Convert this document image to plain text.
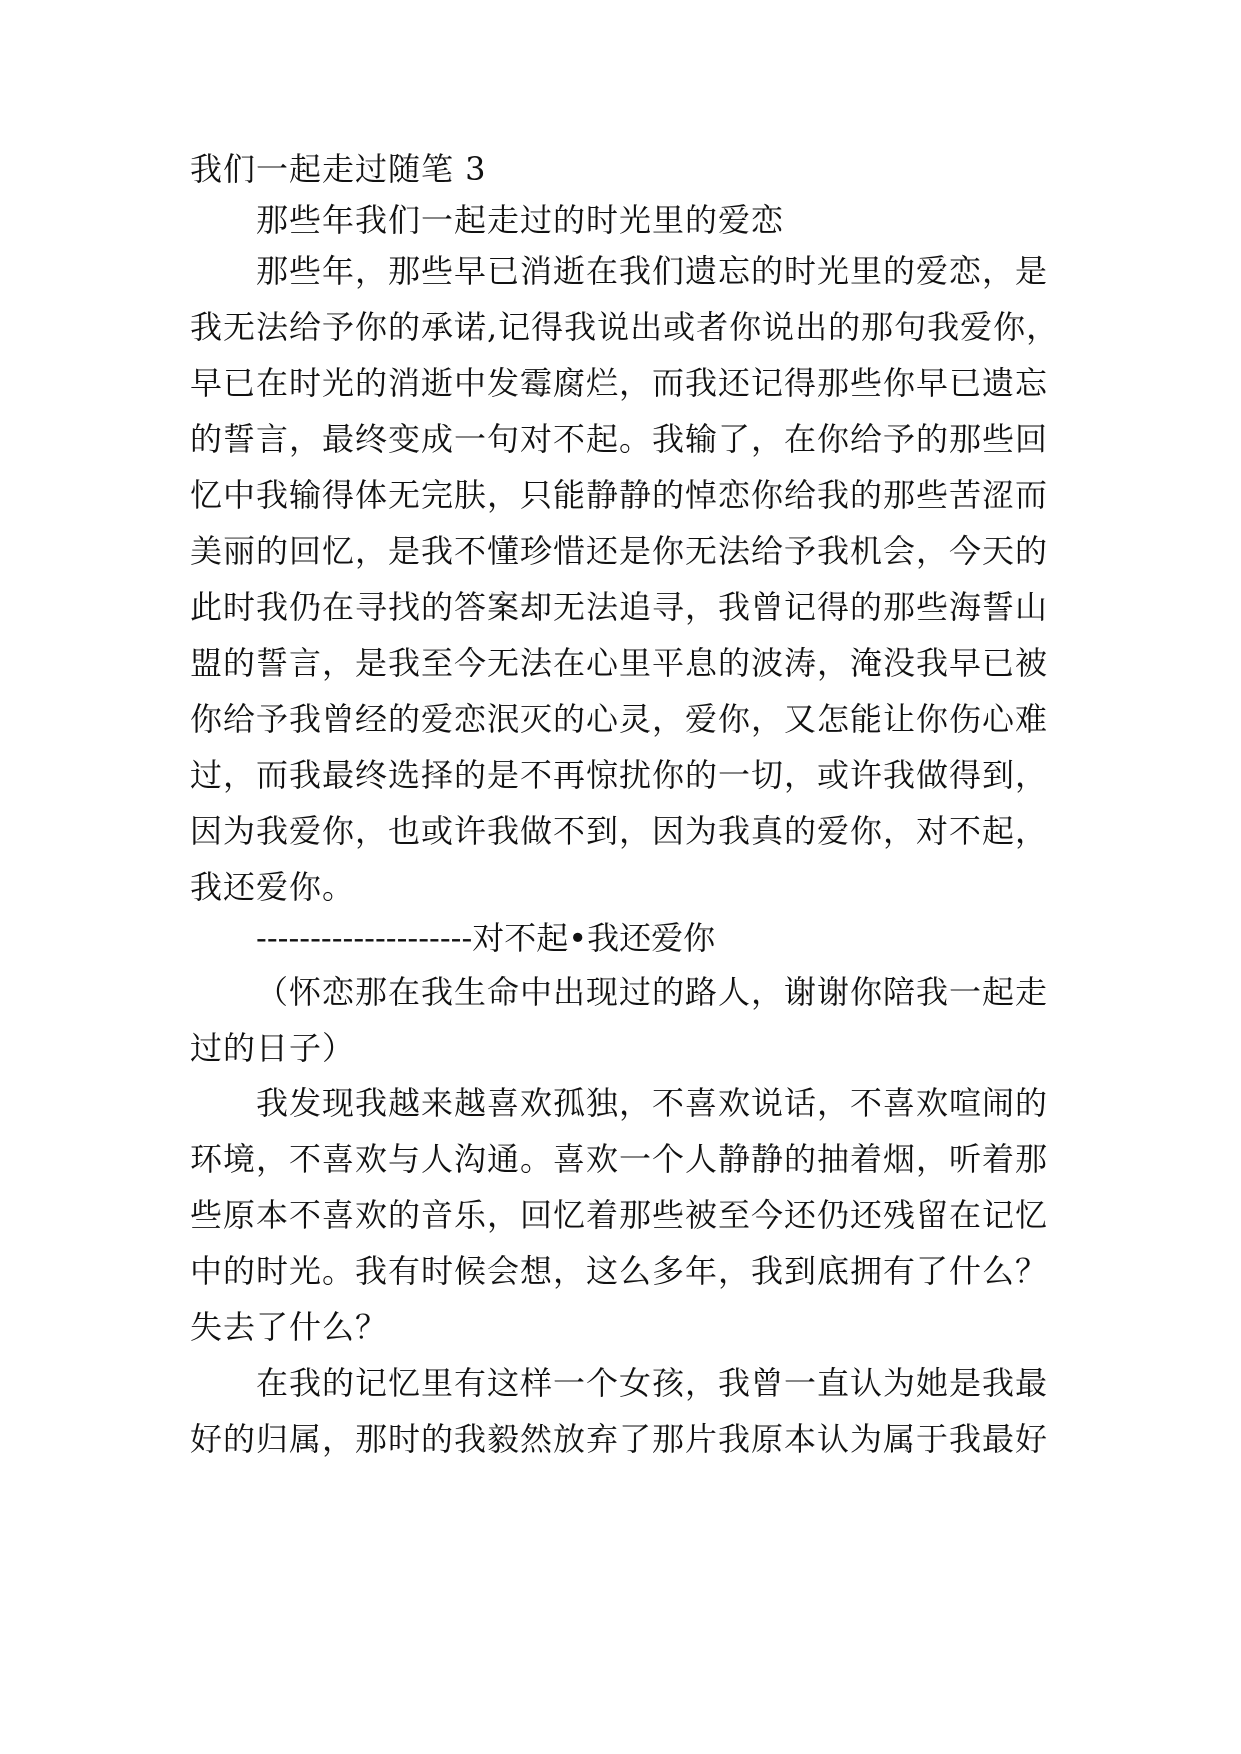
我们一起走过随笔 3
那些年我们一起走过的时光里的爱恋
那些年，那些早已消逝在我们遗忘的时光里的爱恋，是
我无法给予你的承诺,记得我说出或者你说出的那句我爱你，
早已在时光的消逝中发霉腐烂，而我还记得那些你早已遗忘
的誓言，最终变成一句对不起。我输了，在你给予的那些回
忆中我输得体无完肤，只能静静的悼恋你给我的那些苦涩而
美丽的回忆，是我不懂珍惜还是你无法给予我机会，今天的
此时我仍在寻找的答案却无法追寻，我曾记得的那些海誓山
盟的誓言，是我至今无法在心里平息的波涛，淹没我早已被
你给予我曾经的爱恋泯灭的心灵，爱你，又怎能让你伤心难
过，而我最终选择的是不再惊扰你的一切，或许我做得到，
因为我爱你，也或许我做不到，因为我真的爱你，对不起，
我还爱你。
--------------------对不起•我还爱你
（怀恋那在我生命中出现过的路人，谢谢你陪我一起走
过的日子）
我发现我越来越喜欢孤独，不喜欢说话，不喜欢喧闹的
环境，不喜欢与人沟通。喜欢一个人静静的抽着烟，听着那
些原本不喜欢的音乐，回忆着那些被至今还仍还残留在记忆
中的时光。我有时候会想，这么多年，我到底拥有了什么？
失去了什么？
在我的记忆里有这样一个女孩，我曾一直认为她是我最
好的归属，那时的我毅然放弃了那片我原本认为属于我最好
